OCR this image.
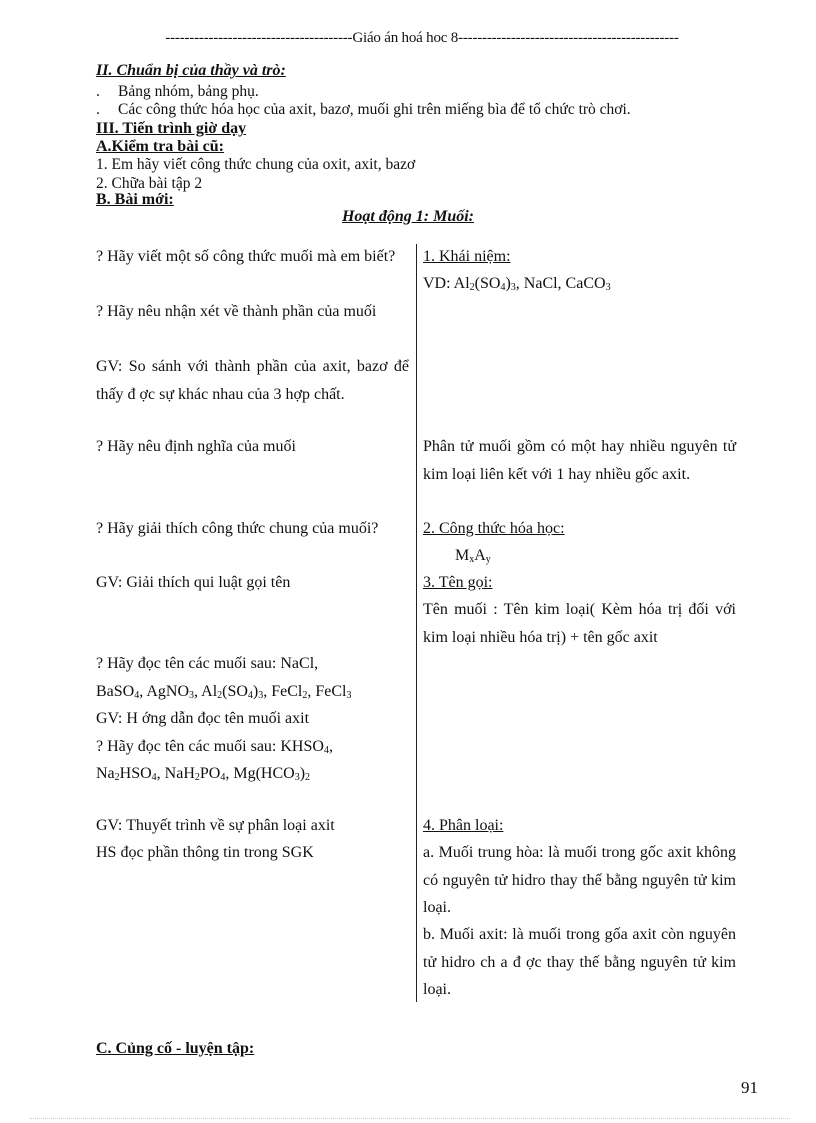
---------------------------------------Giáo án hoá hoc 8----------------------------------------------
II. Chuẩn bị của thầy và trò:
. Bảng nhóm, bảng phụ.
. Các công thức hóa học của axit, bazơ, muối ghi trên miếng bìa để tổ chức trò chơi.
III. Tiến trình giờ dạy
A.Kiểm tra bài cũ:
1. Em hãy viết công thức chung của oxit, axit, bazơ
2. Chữa bài tập 2
B. Bài mới:
Hoạt động 1: Muối:
? Hãy viết một số công thức muối mà em biết?
? Hãy nêu nhận xét về thành phần của muối
GV: So sánh với thành phần của axit, bazơ để thấy đ ợc sự khác nhau của 3 hợp chất.
? Hãy nêu định nghĩa của muối
? Hãy giải thích công thức chung của muối?
GV: Giải thích qui luật gọi tên
? Hãy đọc tên các muối sau: NaCl,
BaSO$_4$, AgNO$_3$, $Al_2(SO_4)_3$, FeCl$_2$, FeCl$_3$
GV: H ớng dẫn đọc tên muối axit
? Hãy đọc tên các muối sau: $KHSO_4$,
$Na_2HSO_4$, $NaH_2PO_4$, $Mg(HCO_3)_2$
GV: Thuyết trình về sự phân loại axit
HS đọc phần thông tin trong SGK
1. Khái niệm:
VD: $Al_2(SO_4)_3$, NaCl, CaCO$_3$
Phân tử muối gồm có một hay nhiều nguyên tử kim loại liên kết với 1 hay nhiều gốc axit.
2. Công thức hóa học:
$M_xA_y$
3. Tên gọi:
Tên muối : Tên kim loại( Kèm hóa trị đối với kim loại nhiều hóa trị) + tên gốc axit
4. Phân loại:
a. Muối trung hòa: là muối trong gốc axit không có nguyên tử hidro thay thế bằng nguyên tử kim loại.
b. Muối axit: là muối trong gốa axit còn nguyên tử hidro ch a đ ợc thay thế bằng nguyên tử kim loại.
C. Củng cố - luyện tập:
91
